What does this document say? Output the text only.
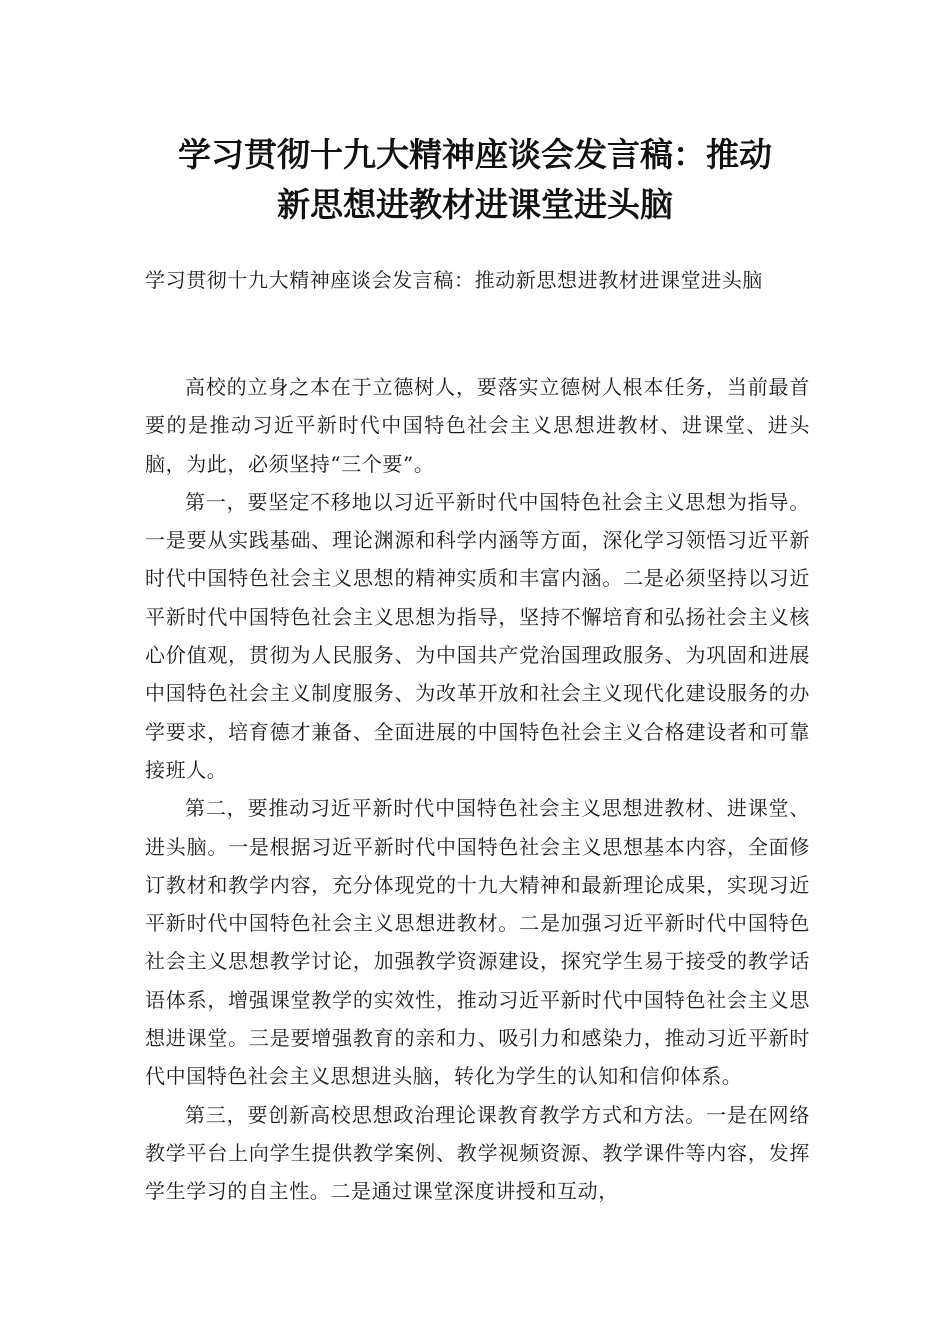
学习贯彻十九大精神座谈会发言稿：推动
新思想进教材进课堂进头脑

学习贯彻十九大精神座谈会发言稿：推动新思想进教材进课堂进头脑

高校的立身之本在于立德树人，要落实立德树人根本任务，当前最首要的是推动习近平新时代中国特色社会主义思想进教材、进课堂、进头脑，为此，必须坚持“三个要”。

第一，要坚定不移地以习近平新时代中国特色社会主义思想为指导。一是要从实践基础、理论渊源和科学内涵等方面，深化学习领悟习近平新时代中国特色社会主义思想的精神实质和丰富内涵。二是必须坚持以习近平新时代中国特色社会主义思想为指导，坚持不懈培育和弘扬社会主义核心价值观，贯彻为人民服务、为中国共产党治国理政服务、为巩固和进展中国特色社会主义制度服务、为改革开放和社会主义现代化建设服务的办学要求，培育德才兼备、全面进展的中国特色社会主义合格建设者和可靠接班人。

第二，要推动习近平新时代中国特色社会主义思想进教材、进课堂、进头脑。一是根据习近平新时代中国特色社会主义思想基本内容，全面修订教材和教学内容，充分体现党的十九大精神和最新理论成果，实现习近平新时代中国特色社会主义思想进教材。二是加强习近平新时代中国特色社会主义思想教学讨论，加强教学资源建设，探究学生易于接受的教学话语体系，增强课堂教学的实效性，推动习近平新时代中国特色社会主义思想进课堂。三是要增强教育的亲和力、吸引力和感染力，推动习近平新时代中国特色社会主义思想进头脑，转化为学生的认知和信仰体系。

第三，要创新高校思想政治理论课教育教学方式和方法。一是在网络教学平台上向学生提供教学案例、教学视频资源、教学课件等内容，发挥学生学习的自主性。二是通过课堂深度讲授和互动，
